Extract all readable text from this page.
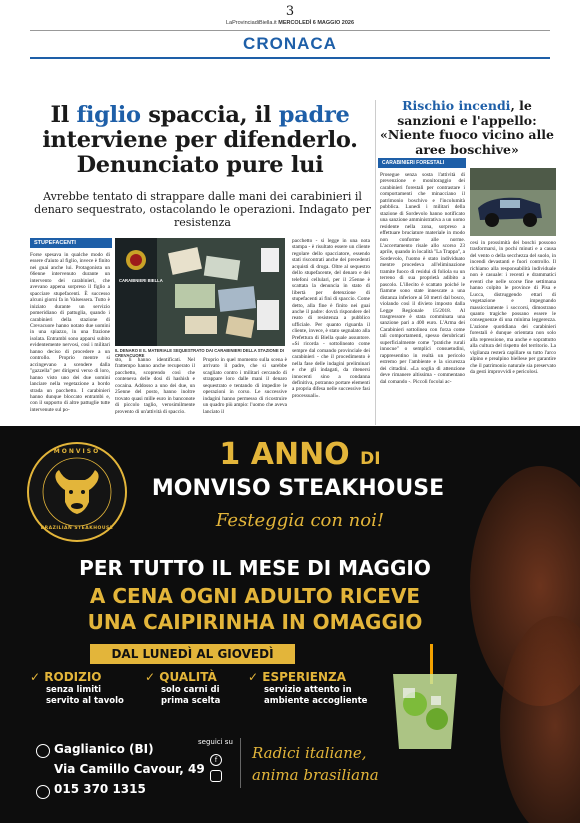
3
LaProvinciadiBiella.it MERCOLEDÌ 6 MAGGIO 2026
CRONACA
Il figlio spaccia, il padre interviene per difenderlo. Denunciato pure lui
Avrebbe tentato di strappare dalle mani dei carabinieri il denaro sequestrato, ostacolando le operazioni. Indagato per resistenza
STUPEFACENTI
Forse spesava in qualche modo di essere d'aiuto al figlio, invece è finito nei guai anche lui. Protagonista un 66enne intervenuto durante un intervento dei carabinieri, che avevano appena sorpreso il figlio a spacciare stupefacenti. È successo alcuni giorni fa in Valsessera. Tutto è iniziato durante un servizio pomeridiano di pattuglia, quando i carabinieri della stazione di Crevacuore hanno notato due uomini in una spiazzo, in una frazione isolata. Entrambi sono apparsi subito evidentemente nervosi, così i militari hanno deciso di procedere a un controllo. Proprio mentre si accingevano a scendere dalla "gazzella" per dirigersi verso di loro, hanno visto uno dei due uomini lanciare nella vegetazione a bordo strada un pacchetto. I carabinieri hanno dunque bloccato entrambi e, con il supporto di altre pattuglie tutte intervenute sul po-
CARABINIERI BIELLA
IL DENARO E IL MATERIALE SEQUESTRATO DAI CARABINIERI DELLA STAZIONE DI CREVACUORE
sto, li hanno identificati. Nel frattempo hanno anche recuperato il pacchetto, scoprendo così che conteneva delle dosi di hashish e cocaina. Addosso a uno dei due, un 25enne del posto, hanno inoltre trovato quasi mille euro in banconote di piccolo taglio, verosimilmente provento di un'attività di spaccio.
Proprio in quel momento sulla scena è arrivato il padre, che si sarebbe scagliato contro i militari cercando di strappare loro dalle mani il denaro sequestrato e tentando di impedire le operazioni in corso. Le successive indagini hanno permesso di ricostruire un quadro più ampio: l'uomo che aveva lanciato il
pacchetto - si legge in una nota stampa - è risultato essere un cliente regolare dello spacciatore, essendo stati riscontrati anche dei precedenti acquisti di droga. Oltre al sequestro dello stupefacente, del denaro e dei telefoni cellulari, per il 25enne è scattata la denuncia in stato di libertà per detenzione di stupefacenti ai fini di spaccio. Come detto, alla fine è finito nei guai anche il padre: dovrà rispondere del reato di resistenza a pubblico ufficiale. Per quanto riguarda il cliente, invece, è stato segnalato alla Prefettura di Biella quale assuntore. «Si ricorda - sottolineato come sempre dal comando provinciale dei carabinieri - che il procedimento è nella fase delle indagini preliminari e che gli indagati, da ritenersi innocenti sino a condanna definitiva, potranno portare elementi a propria difesa nelle successive fasi processuali».
Rischio incendi, le sanzioni e l'appello: «Niente fuoco vicino alle aree boschive»
CARABINIERI FORESTALI
Prosegue senza sosta l'attività di prevenzione e monitoraggio dei carabinieri forestali per contrastare i comportamenti che minacciano il patrimonio boschivo e l'incolumità pubblica. Lunedì i militari della stazione di Sordevolo hanno notificato una sanzione amministrativa a un uomo residente nella zona, sorpreso a effettuare bruciature materiale in modo non conforme alle norme. L'accertamento risale allo scorso 23 aprile, quando in località "La Trappa", a Sordevolo, l'uomo è stato individuato mentre procedeva all'eliminazione tramite fuoco di residui di foliola su un terreno di sua proprietà adibito a pascolo. L'illecito è scattato poiché le fiamme sono state innescate a una distanza inferiore ai 50 metri dal bosco, violando così il divieto imposto dalla Legge Regionale 15/2018. Al trasgressore è stata comminata una sanzione pari a 400 euro. L'Arma dei Carabinieri sottolinea con forza come tali comportamenti, spesso derubricati superficialmente come "pratiche rurali innocue" o semplici consuetudini, rappresentino in realtà un pericolo estremo per l'ambiente e la sicurezza dei cittadini. «La soglia di attenzione deve rimanere altissima - commentano dal comando -. Piccoli focolai ac-
cesi in prossimità dei boschi possono trasformarsi, in pochi minuti e a causa del vento o della secchezza del suolo, in incendi devastanti e fuori controllo. Il richiamo alla responsabilità individuale non è casuale: i recenti e drammatici eventi che nelle scorse fine settimana hanno colpito le province di Pisa e Lucca, distruggendo ettari di vegetazione e impegnando massicciamente i soccorsi, dimostrano quanto tragiche possano essere le conseguenze di una minima leggerezza. L'azione quotidiana dei carabinieri forestali è dunque orientata non solo alla repressione, ma anche e soprattutto alla cultura del rispetto del territorio. La vigilanza resterà capillare su tutto l'arco alpino e prealpino biellese per garantire che il patrimonio naturale sia preservato da gesti improvvidi e pericolosi.
MONVISO
BRAZILIAN STEAKHOUSE
1 ANNO DI
MONVISO STEAKHOUSE
Festeggia con noi!
PER TUTTO IL MESE DI MAGGIO
A CENA OGNI ADULTO RICEVE
UNA CAIPIRINHA IN OMAGGIO
DAL LUNEDÌ AL GIOVEDÌ
✓ RODIZIO
senza limiti
servito al tavolo
✓ QUALITÀ
solo carni di
prima scelta
✓ ESPERIENZA
servizio attento in
ambiente accogliente
Gaglianico (BI)
Via Camillo Cavour, 49
015 370 1315
seguici su
f	Radici italiane,
anima brasiliana
